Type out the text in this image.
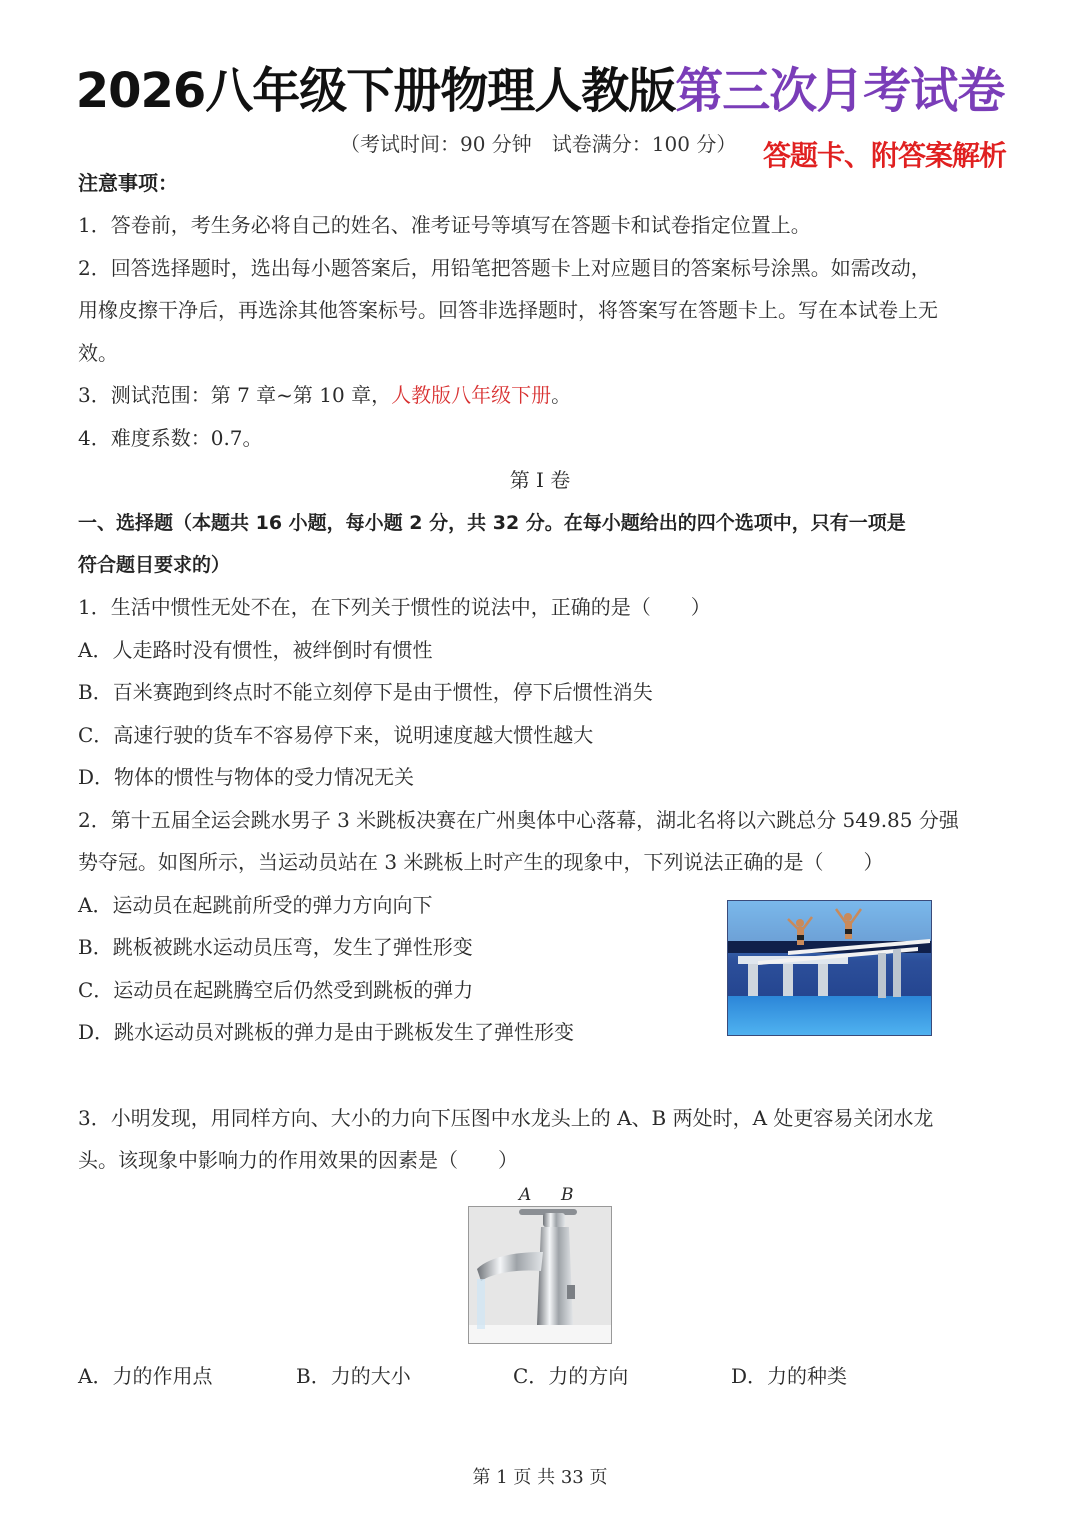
2026八年级下册物理人教版第三次月考试卷
（考试时间：90 分钟　试卷满分：100 分） 答题卡、附答案解析
注意事项：
1．答卷前，考生务必将自己的姓名、准考证号等填写在答题卡和试卷指定位置上。
2．回答选择题时，选出每小题答案后，用铅笔把答题卡上对应题目的答案标号涂黑。如需改动，
用橡皮擦干净后，再选涂其他答案标号。回答非选择题时，将答案写在答题卡上。写在本试卷上无
效。
3．测试范围：第 7 章~第 10 章，人教版八年级下册。
4．难度系数：0.7。
第 I 卷
一、选择题（本题共 16 小题，每小题 2 分，共 32 分。在每小题给出的四个选项中，只有一项是
符合题目要求的）
1．生活中惯性无处不在，在下列关于惯性的说法中，正确的是（　　）
A．人走路时没有惯性，被绊倒时有惯性
B．百米赛跑到终点时不能立刻停下是由于惯性，停下后惯性消失
C．高速行驶的货车不容易停下来，说明速度越大惯性越大
D．物体的惯性与物体的受力情况无关
2．第十五届全运会跳水男子 3 米跳板决赛在广州奥体中心落幕，湖北名将以六跳总分 549.85 分强
势夺冠。如图所示，当运动员站在 3 米跳板上时产生的现象中，下列说法正确的是（　　）
A．运动员在起跳前所受的弹力方向向下
B．跳板被跳水运动员压弯，发生了弹性形变
C．运动员在起跳腾空后仍然受到跳板的弹力
D．跳水运动员对跳板的弹力是由于跳板发生了弹性形变
3．小明发现，用同样方向、大小的力向下压图中水龙头上的 A、B 两处时，A 处更容易关闭水龙
头。该现象中影响力的作用效果的因素是（　　）
A B
A．力的作用点	B．力的大小	C．力的方向	D．力的种类
第 1 页 共 33 页
